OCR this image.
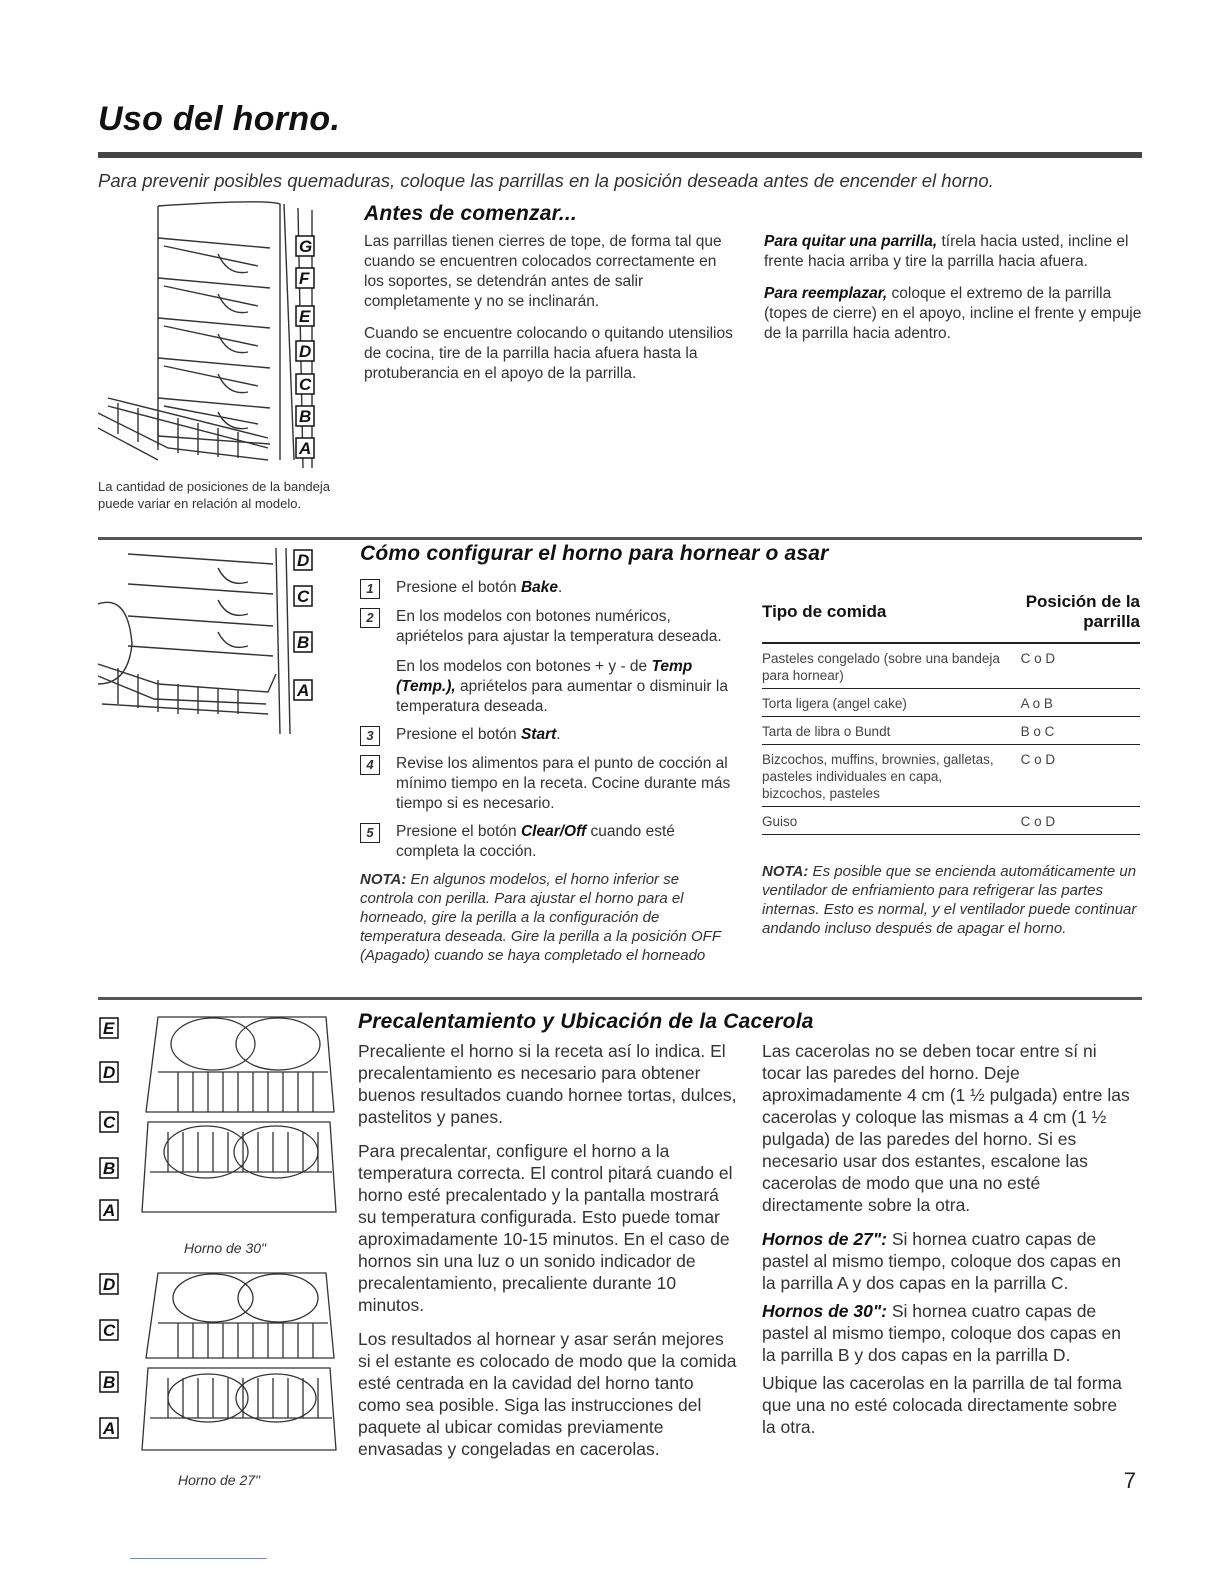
Uso del horno.
Para prevenir posibles quemaduras, coloque las parrillas en la posición deseada antes de encender el horno.
G
F
E
D
C
B
A
La cantidad de posiciones de la bandeja puede variar en relación al modelo.
Antes de comenzar...

Las parrillas tienen cierres de tope, de forma tal que cuando se encuentren colocados correctamente en los soportes, se detendrán antes de salir completamente y no se inclinarán.

Cuando se encuentre colocando o quitando utensilios de cocina, tire de la parrilla hacia afuera hasta la protuberancia en el apoyo de la parrilla.

Para quitar una parrilla, tírela hacia usted, incline el frente hacia arriba y tire la parrilla hacia afuera.

Para reemplazar, coloque el extremo de la parrilla (topes de cierre) en el apoyo, incline el frente y empuje de la parrilla hacia adentro.

D
C
B
A
Cómo configurar el horno para hornear o asar
1	Presione el botón Bake.
2	En los modelos con botones numéricos, apriételos para ajustar la temperatura deseada.
En los modelos con botones + y - de Temp (Temp.), apriételos para aumentar o disminuir la temperatura deseada.
3	Presione el botón Start.
4	Revise los alimentos para el punto de cocción al mínimo tiempo en la receta. Cocine durante más tiempo si es necesario.
5	Presione el botón Clear/Off cuando esté completa la cocción.
NOTA: En algunos modelos, el horno inferior se controla con perilla. Para ajustar el horno para el horneado, gire la perilla a la configuración de temperatura deseada. Gire la perilla a la posición OFF (Apagado) cuando se haya completado el horneado
Tipo de comida	Posición de la parrilla
Pasteles congelado (sobre una bandeja para hornear)	C o D
Torta ligera (angel cake)	A o B
Tarta de libra o Bundt	B o C
Bizcochos, muffins, brownies, galletas, pasteles individuales en capa, bizcochos, pasteles	C o D
Guiso	C o D
NOTA: Es posible que se encienda automáticamente un ventilador de enfriamiento para refrigerar las partes internas. Esto es normal, y el ventilador puede continuar andando incluso después de apagar el horno.
E
D
C
B
A
Horno de 30"
D
C
B
A
Horno de 27"
Precalentamiento y Ubicación de la Cacerola

Precaliente el horno si la receta así lo indica. El precalentamiento es necesario para obtener buenos resultados cuando hornee tortas, dulces, pastelitos y panes.

Para precalentar, configure el horno a la temperatura correcta. El control pitará cuando el horno esté precalentado y la pantalla mostrará su temperatura configurada. Esto puede tomar aproximadamente 10-15 minutos. En el caso de hornos sin una luz o un sonido indicador de precalentamiento, precaliente durante 10 minutos.

Los resultados al hornear y asar serán mejores si el estante es colocado de modo que la comida esté centrada en la cavidad del horno tanto como sea posible. Siga las instrucciones del paquete al ubicar comidas previamente envasadas y congeladas en cacerolas.

Las cacerolas no se deben tocar entre sí ni tocar las paredes del horno. Deje aproximadamente 4 cm (1 ½ pulgada) entre las cacerolas y coloque las mismas a 4 cm (1 ½ pulgada) de las paredes del horno. Si es necesario usar dos estantes, escalone las cacerolas de modo que una no esté directamente sobre la otra.

Hornos de 27": Si hornea cuatro capas de pastel al mismo tiempo, coloque dos capas en la parrilla A y dos capas en la parrilla C.

Hornos de 30": Si hornea cuatro capas de pastel al mismo tiempo, coloque dos capas en la parrilla B y dos capas en la parrilla D.

Ubique las cacerolas en la parrilla de tal forma que una no esté colocada directamente sobre la otra.

7
